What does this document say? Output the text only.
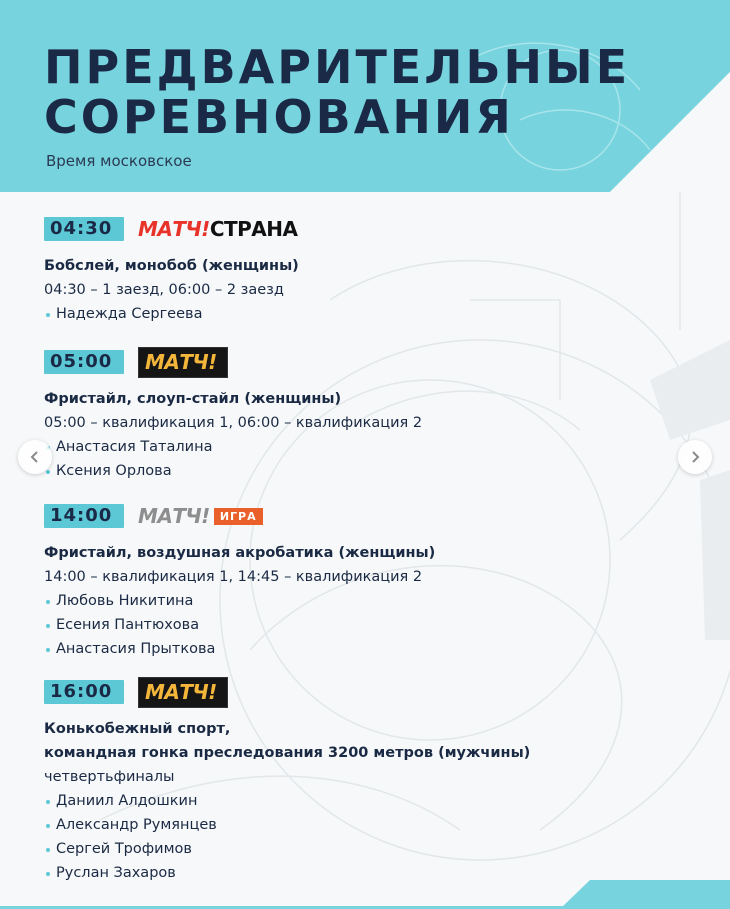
ПРЕДВАРИТЕЛЬНЫЕ
СОРЕВНОВАНИЯ
Время московское
04:30	МАТЧ! СТРАНА
Бобслей, монобоб (женщины)
04:30 – 1 заезд, 06:00 – 2 заезд
Надежда Сергеева
05:00	МАТЧ!
Фристайл, слоуп-стайл (женщины)
05:00 – квалификация 1, 06:00 – квалификация 2
Анастасия Таталина
Ксения Орлова
14:00	МАТЧ! ИГРА
Фристайл, воздушная акробатика (женщины)
14:00 – квалификация 1, 14:45 – квалификация 2
Любовь Никитина
Есения Пантюхова
Анастасия Прыткова
16:00	МАТЧ!
Конькобежный спорт,
командная гонка преследования 3200 метров (мужчины)
четвертьфиналы
Даниил Алдошкин
Александр Румянцев
Сергей Трофимов
Руслан Захаров
